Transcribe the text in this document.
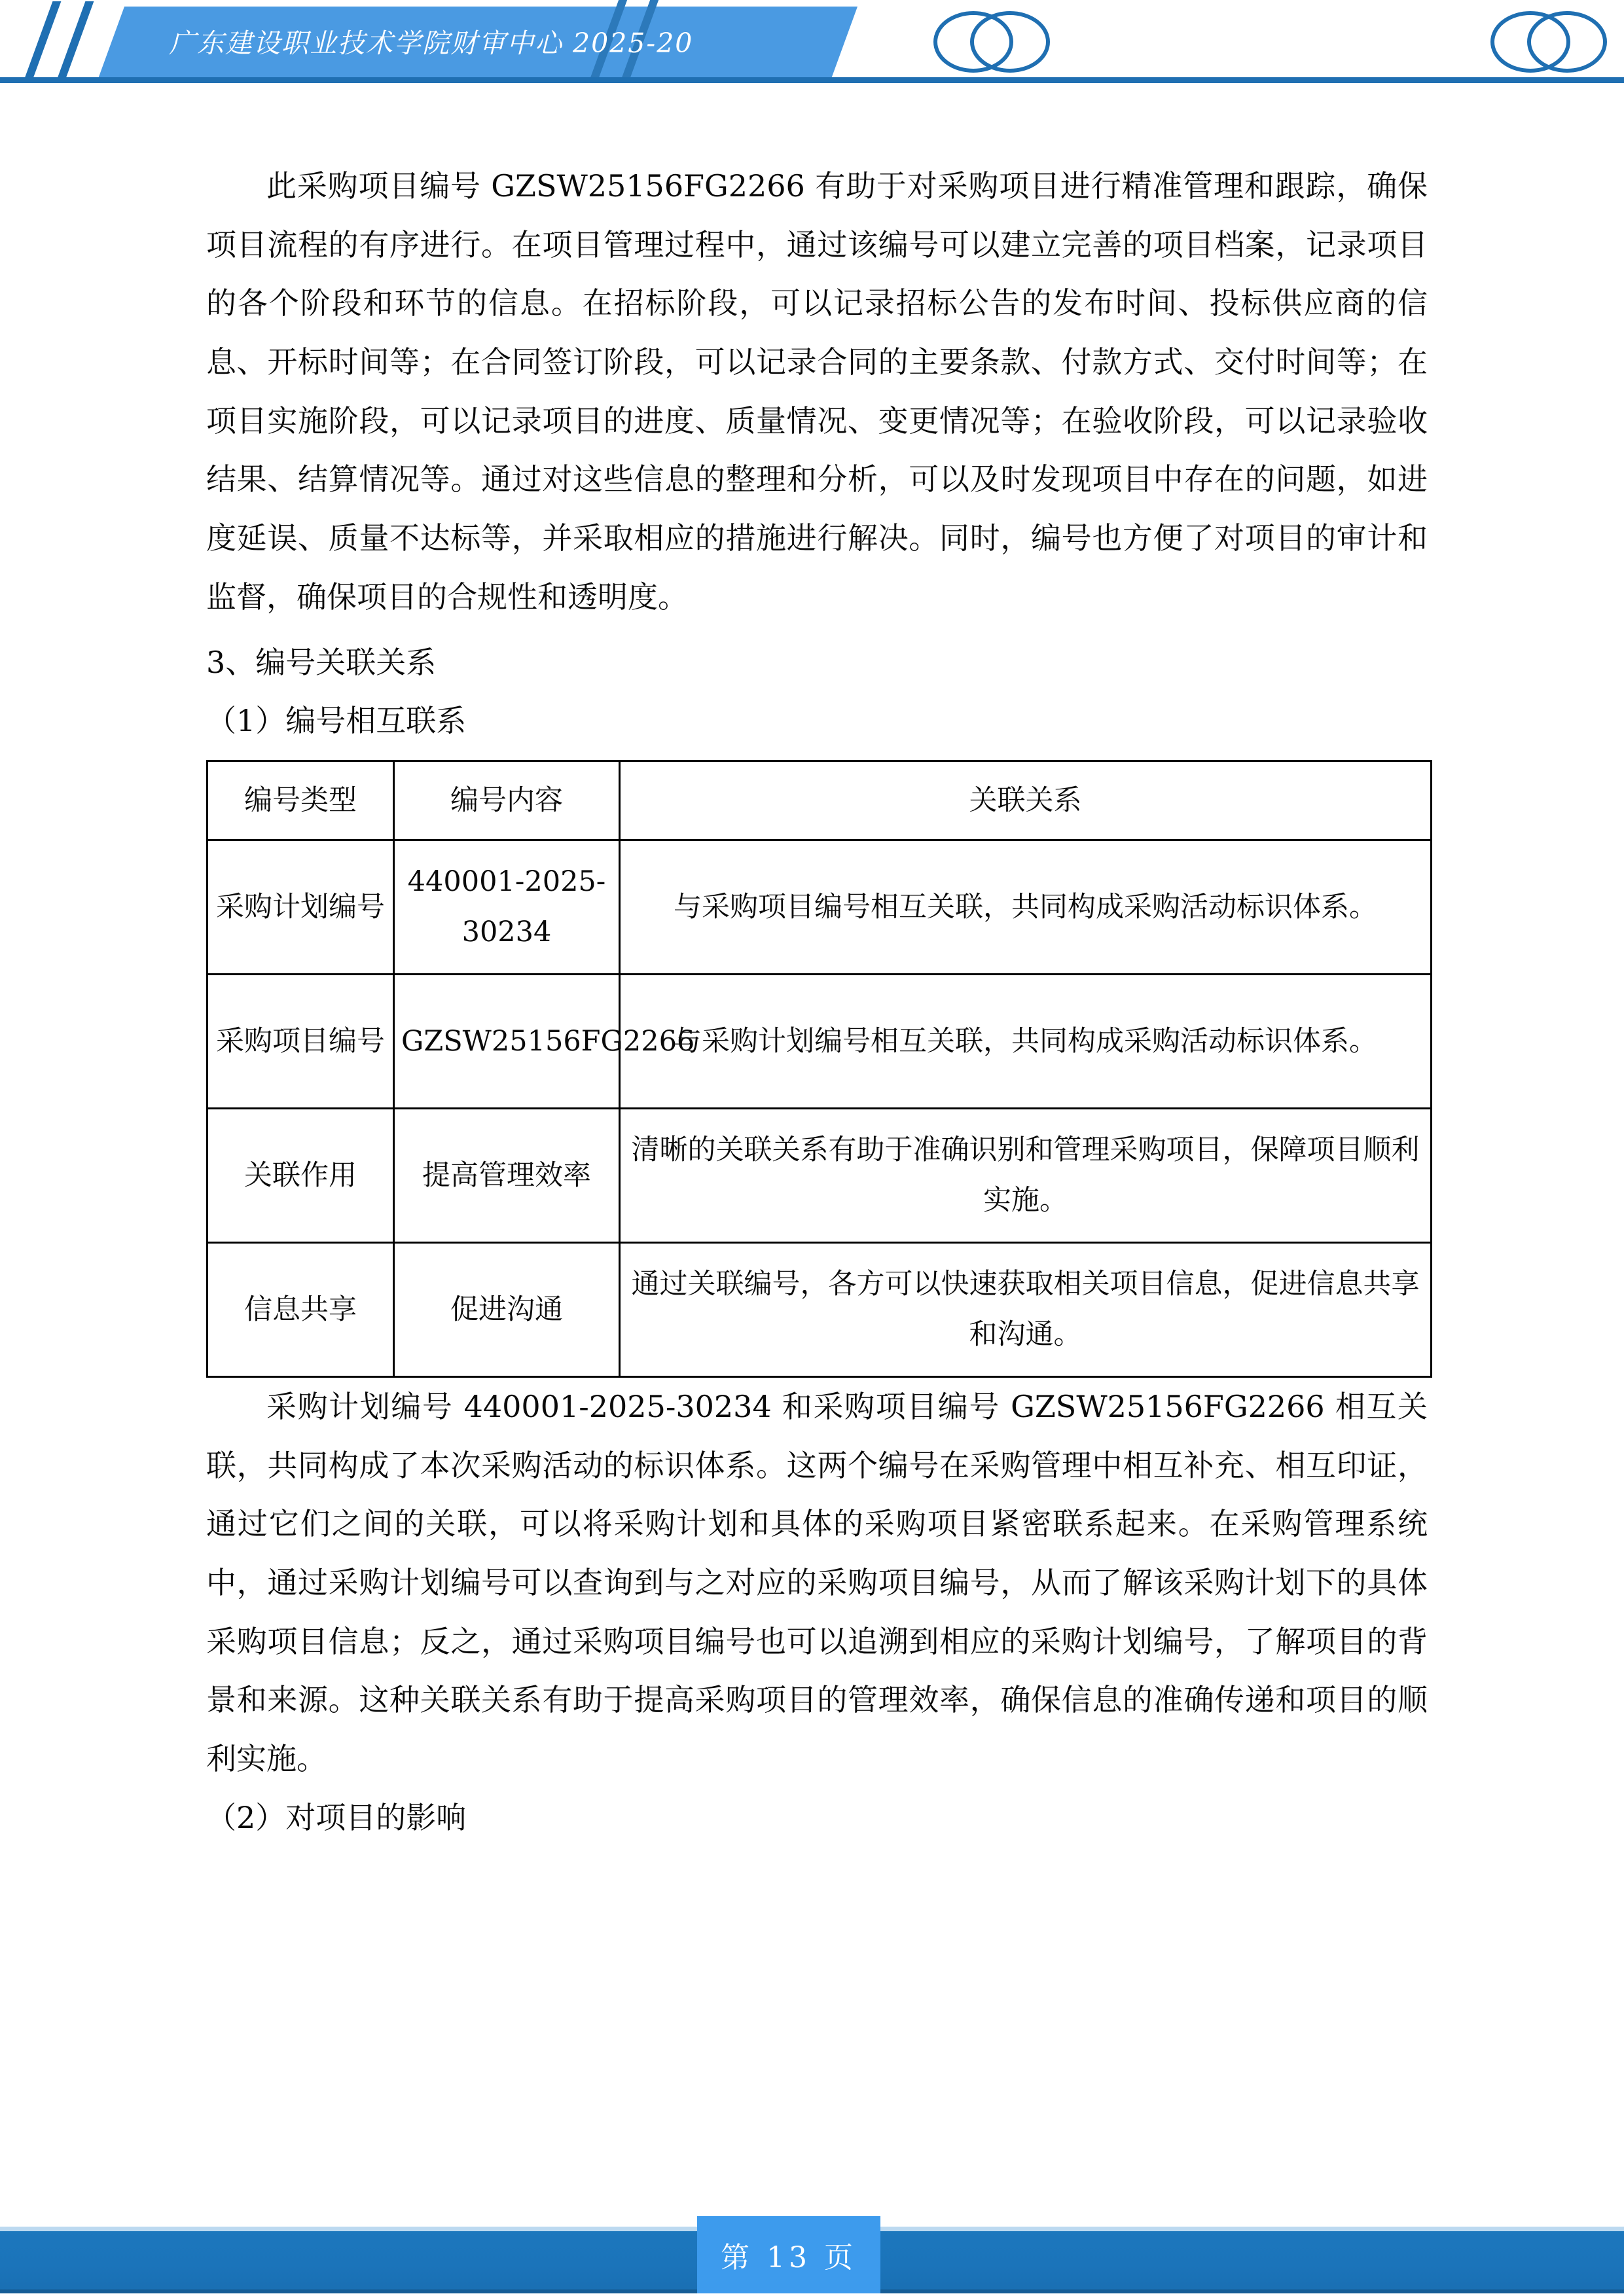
广东建设职业技术学院财审中心 2025-20

此采购项目编号 GZSW25156FG2266 有助于对采购项目进行精准管理和跟踪，确保项目流程的有序进行。在项目管理过程中，通过该编号可以建立完善的项目档案，记录项目的各个阶段和环节的信息。在招标阶段，可以记录招标公告的发布时间、投标供应商的信息、开标时间等；在合同签订阶段，可以记录合同的主要条款、付款方式、交付时间等；在项目实施阶段，可以记录项目的进度、质量情况、变更情况等；在验收阶段，可以记录验收结果、结算情况等。通过对这些信息的整理和分析，可以及时发现项目中存在的问题，如进度延误、质量不达标等，并采取相应的措施进行解决。同时，编号也方便了对项目的审计和监督，确保项目的合规性和透明度。

3、编号关联关系
（1）编号相互联系
编号类型	编号内容	关联关系
采购计划编号	440001-2025-30234	与采购项目编号相互关联，共同构成采购活动标识体系。
采购项目编号	GZSW25156FG2266	与采购计划编号相互关联，共同构成采购活动标识体系。
关联作用	提高管理效率	清晰的关联关系有助于准确识别和管理采购项目，保障项目顺利实施。
信息共享	促进沟通	通过关联编号，各方可以快速获取相关项目信息，促进信息共享和沟通。

采购计划编号 440001-2025-30234 和采购项目编号 GZSW25156FG2266 相互关联，共同构成了本次采购活动的标识体系。这两个编号在采购管理中相互补充、相互印证，通过它们之间的关联，可以将采购计划和具体的采购项目紧密联系起来。在采购管理系统中，通过采购计划编号可以查询到与之对应的采购项目编号，从而了解该采购计划下的具体采购项目信息；反之，通过采购项目编号也可以追溯到相应的采购计划编号，了解项目的背景和来源。这种关联关系有助于提高采购项目的管理效率，确保信息的准确传递和项目的顺利实施。

（2）对项目的影响
第 13 页
